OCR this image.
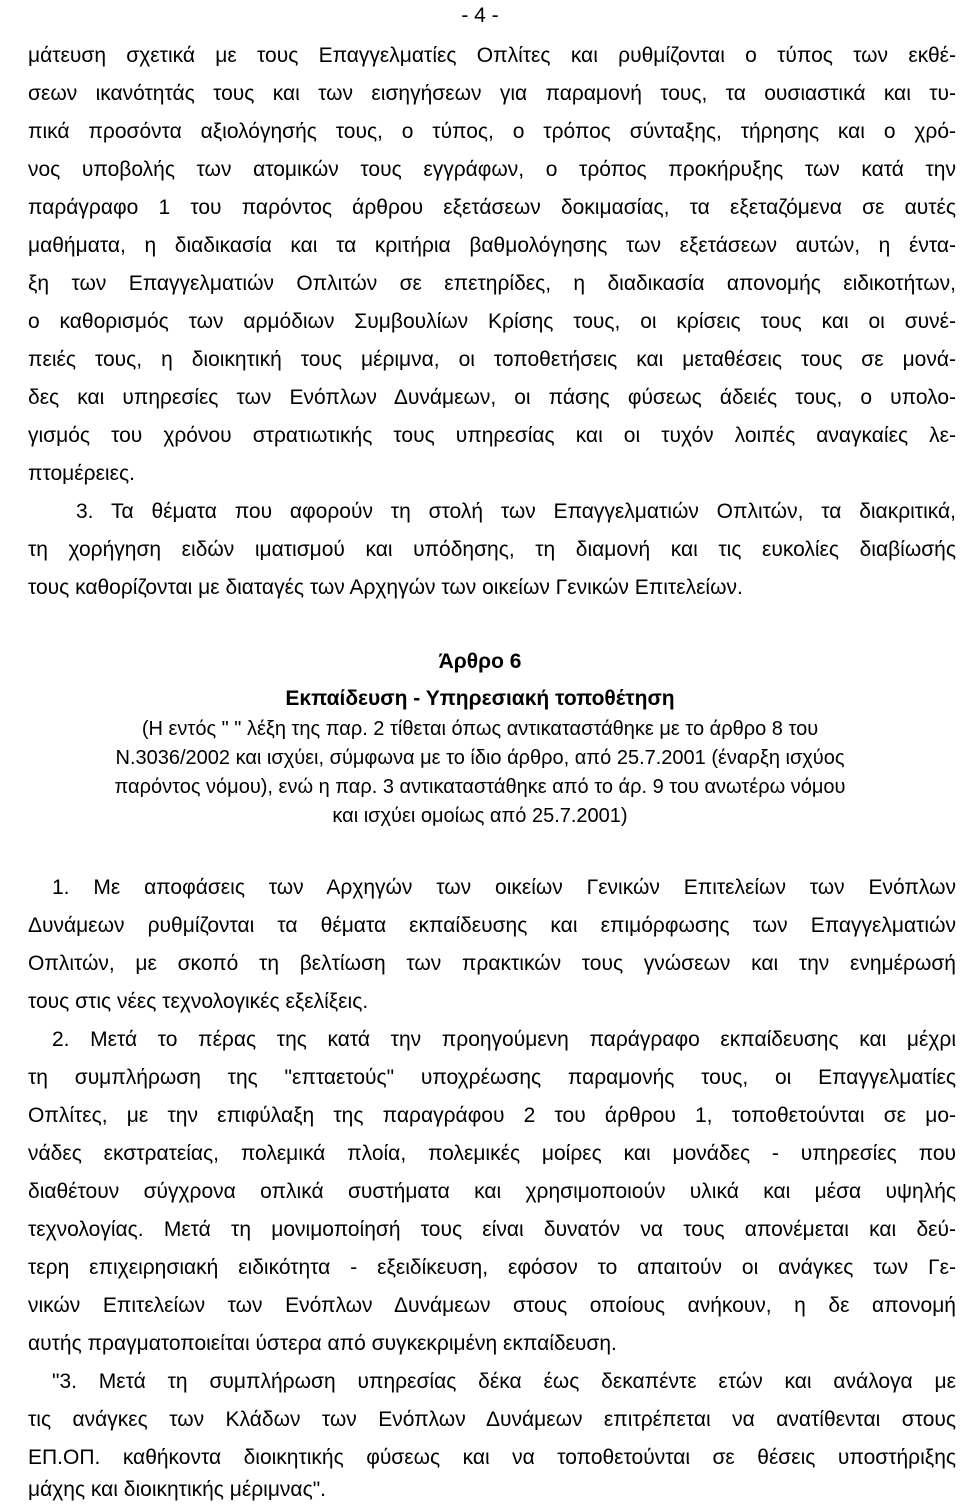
- 4 -
μάτευση σχετικά με τους Επαγγελματίες Οπλίτες και ρυθμίζονται ο τύπος των εκθέ-
σεων ικανότητάς τους και των εισηγήσεων για παραμονή τους, τα ουσιαστικά και τυ-
πικά προσόντα αξιολόγησής τους, ο τύπος, ο τρόπος σύνταξης, τήρησης και ο χρό-
νος υποβολής των ατομικών τους εγγράφων, ο τρόπος προκήρυξης των κατά την
παράγραφο 1 του παρόντος άρθρου εξετάσεων δοκιμασίας, τα εξεταζόμενα σε αυτές
μαθήματα, η διαδικασία και τα κριτήρια βαθμολόγησης των εξετάσεων αυτών, η έντα-
ξη των Επαγγελματιών Οπλιτών σε επετηρίδες, η διαδικασία απονομής ειδικοτήτων,
ο καθορισμός των αρμόδιων Συμβουλίων Κρίσης τους, οι κρίσεις τους και οι συνέ-
πειές τους, η διοικητική τους μέριμνα, οι τοποθετήσεις και μεταθέσεις τους σε μονά-
δες και υπηρεσίες των Ενόπλων Δυνάμεων, οι πάσης φύσεως άδειές τους, ο υπολο-
γισμός του χρόνου στρατιωτικής τους υπηρεσίας και οι τυχόν λοιπές αναγκαίες λε-
πτομέρειες.
3. Τα θέματα που αφορούν τη στολή των Επαγγελματιών Οπλιτών, τα διακριτικά,
τη χορήγηση ειδών ιματισμού και υπόδησης, τη διαμονή και τις ευκολίες διαβίωσής
τους καθορίζονται με διαταγές των Αρχηγών των οικείων Γενικών Επιτελείων.
Άρθρο 6
Εκπαίδευση - Υπηρεσιακή τοποθέτηση
(Η εντός " " λέξη της παρ. 2 τίθεται όπως αντικαταστάθηκε με το άρθρο 8 του
Ν.3036/2002 και ισχύει, σύμφωνα με το ίδιο άρθρο, από 25.7.2001 (έναρξη ισχύος
παρόντος νόμου), ενώ η παρ. 3 αντικαταστάθηκε από το άρ. 9 του ανωτέρω νόμου
και ισχύει ομοίως από 25.7.2001)
1. Με αποφάσεις των Αρχηγών των οικείων Γενικών Επιτελείων των Ενόπλων
Δυνάμεων ρυθμίζονται τα θέματα εκπαίδευσης και επιμόρφωσης των Επαγγελματιών
Οπλιτών, με σκοπό τη βελτίωση των πρακτικών τους γνώσεων και την ενημέρωσή
τους στις νέες τεχνολογικές εξελίξεις.
2. Μετά το πέρας της κατά την προηγούμενη παράγραφο εκπαίδευσης και μέχρι
τη συμπλήρωση της "επταετούς" υποχρέωσης παραμονής τους, οι Επαγγελματίες
Οπλίτες, με την επιφύλαξη της παραγράφου 2 του άρθρου 1, τοποθετούνται σε μο-
νάδες εκστρατείας, πολεμικά πλοία, πολεμικές μοίρες και μονάδες - υπηρεσίες που
διαθέτουν σύγχρονα οπλικά συστήματα και χρησιμοποιούν υλικά και μέσα υψηλής
τεχνολογίας. Μετά τη μονιμοποίησή τους είναι δυνατόν να τους απονέμεται και δεύ-
τερη επιχειρησιακή ειδικότητα - εξειδίκευση, εφόσον το απαιτούν οι ανάγκες των Γε-
νικών Επιτελείων των Ενόπλων Δυνάμεων στους οποίους ανήκουν, η δε απονομή
αυτής πραγματοποιείται ύστερα από συγκεκριμένη εκπαίδευση.
"3. Μετά τη συμπλήρωση υπηρεσίας δέκα έως δεκαπέντε ετών και ανάλογα με
τις ανάγκες των Κλάδων των Ενόπλων Δυνάμεων επιτρέπεται να ανατίθενται στους
ΕΠ.ΟΠ. καθήκοντα διοικητικής φύσεως και να τοποθετούνται σε θέσεις υποστήριξης
μάχης και διοικητικής μέριμνας".
